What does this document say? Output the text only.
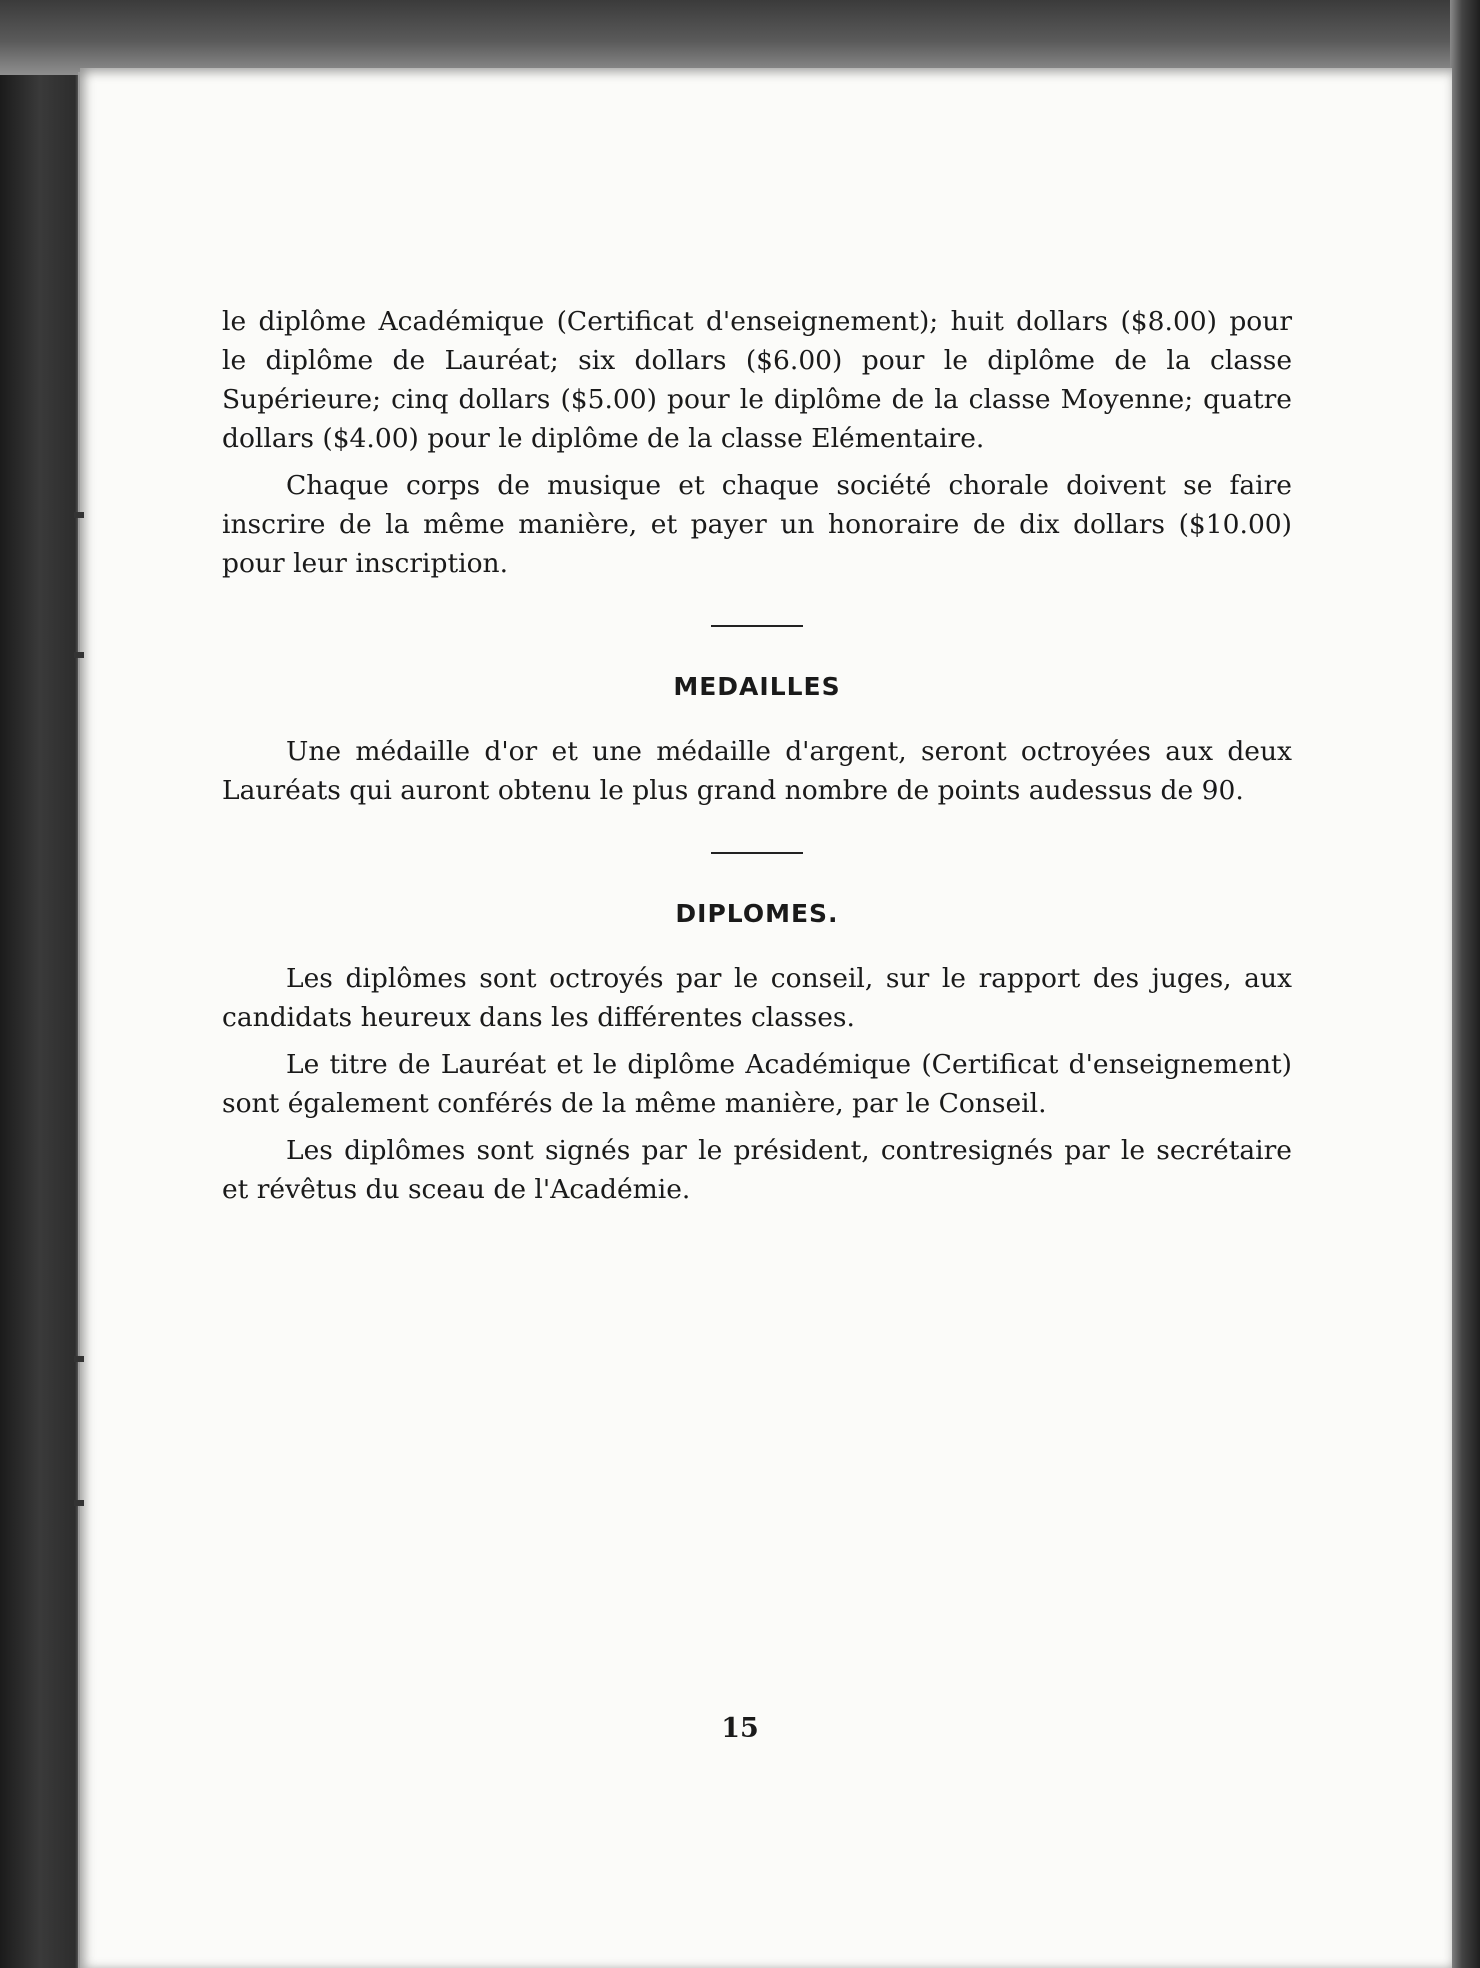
le diplôme Académique (Certificat d'enseignement); huit dollars ($8.00) pour le diplôme de Lauréat; six dollars ($6.00) pour le diplôme de la classe Supérieure; cinq dollars ($5.00) pour le diplôme de la classe Moyenne; quatre dollars ($4.00) pour le diplôme de la classe Elémentaire.

Chaque corps de musique et chaque société chorale doivent se faire inscrire de la même manière, et payer un honoraire de dix dollars ($10.00) pour leur inscription.

MEDAILLES

Une médaille d'or et une médaille d'argent, seront octroyées aux deux Lauréats qui auront obtenu le plus grand nombre de points audessus de 90.

DIPLOMES.

Les diplômes sont octroyés par le conseil, sur le rapport des juges, aux candidats heureux dans les différentes classes.

Le titre de Lauréat et le diplôme Académique (Certificat d'enseignement) sont également conférés de la même manière, par le Conseil.

Les diplômes sont signés par le président, contresignés par le secrétaire et révêtus du sceau de l'Académie.

15
